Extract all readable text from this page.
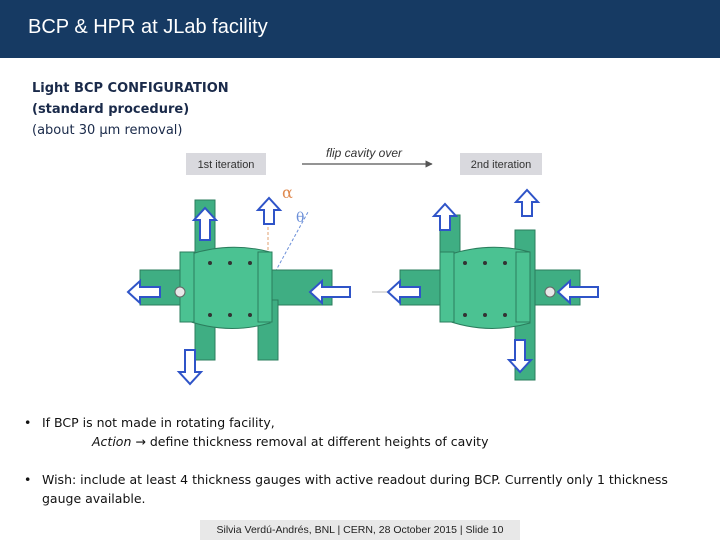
BCP & HPR at JLab facility
Light BCP CONFIGURATION
(standard procedure)
(about 30 µm removal)
1st iteration
flip cavity over
2nd iteration
α
θ
• If BCP is not made in rotating facility,
Action → define thickness removal at different heights of cavity
• Wish: include at least 4 thickness gauges with active readout during BCP. Currently only 1 thickness gauge available.
Silvia Verdú-Andrés, BNL | CERN, 28 October 2015 | Slide 10
